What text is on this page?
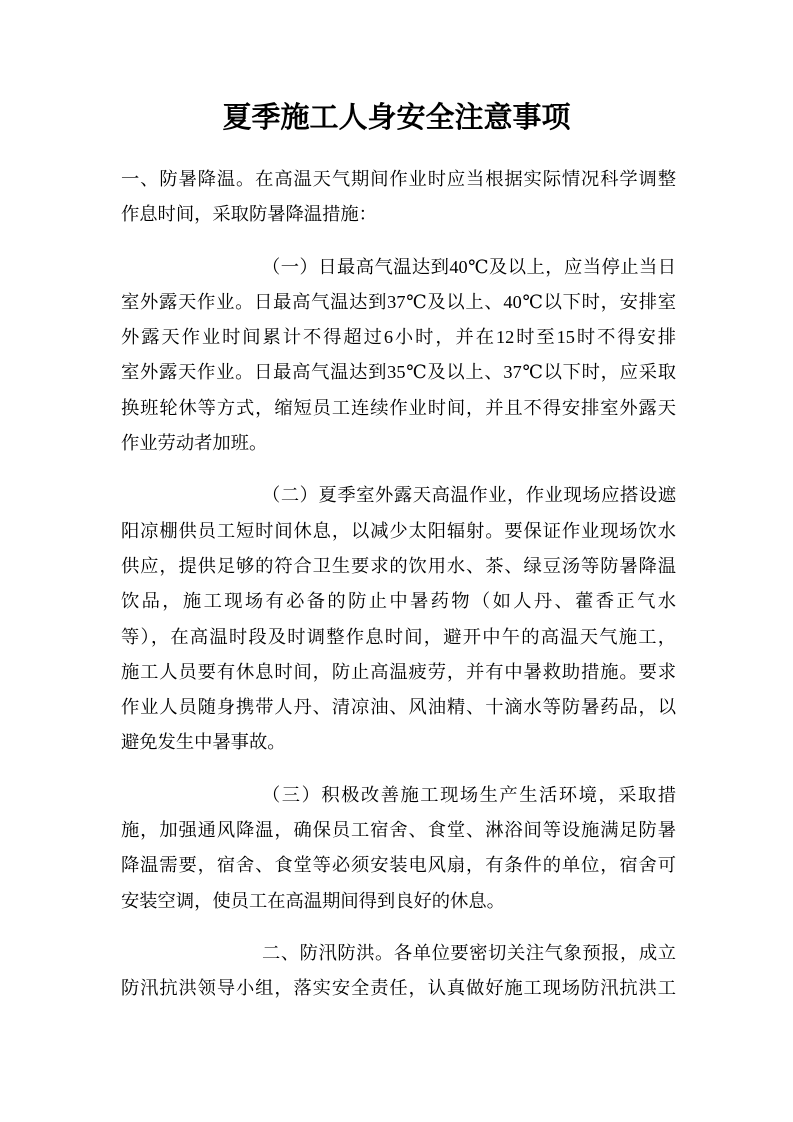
夏季施工人身安全注意事项
一、防暑降温。在高温天气期间作业时应当根据实际情况科学调整
作息时间，采取防暑降温措施：
（一）日最高气温达到40℃及以上，应当停止当日
室外露天作业。日最高气温达到37℃及以上、40℃以下时，安排室
外露天作业时间累计不得超过6小时，并在12时至15时不得安排
室外露天作业。日最高气温达到35℃及以上、37℃以下时，应采取
换班轮休等方式，缩短员工连续作业时间，并且不得安排室外露天
作业劳动者加班。
（二）夏季室外露天高温作业，作业现场应搭设遮
阳凉棚供员工短时间休息，以减少太阳辐射。要保证作业现场饮水
供应，提供足够的符合卫生要求的饮用水、茶、绿豆汤等防暑降温
饮品，施工现场有必备的防止中暑药物（如人丹、藿香正气水
等），在高温时段及时调整作息时间，避开中午的高温天气施工，
施工人员要有休息时间，防止高温疲劳，并有中暑救助措施。要求
作业人员随身携带人丹、清凉油、风油精、十滴水等防暑药品，以
避免发生中暑事故。
（三）积极改善施工现场生产生活环境，采取措
施，加强通风降温，确保员工宿舍、食堂、淋浴间等设施满足防暑
降温需要，宿舍、食堂等必须安装电风扇，有条件的单位，宿舍可
安装空调，使员工在高温期间得到良好的休息。
二、防汛防洪。各单位要密切关注气象预报，成立
防汛抗洪领导小组，落实安全责任，认真做好施工现场防汛抗洪工
